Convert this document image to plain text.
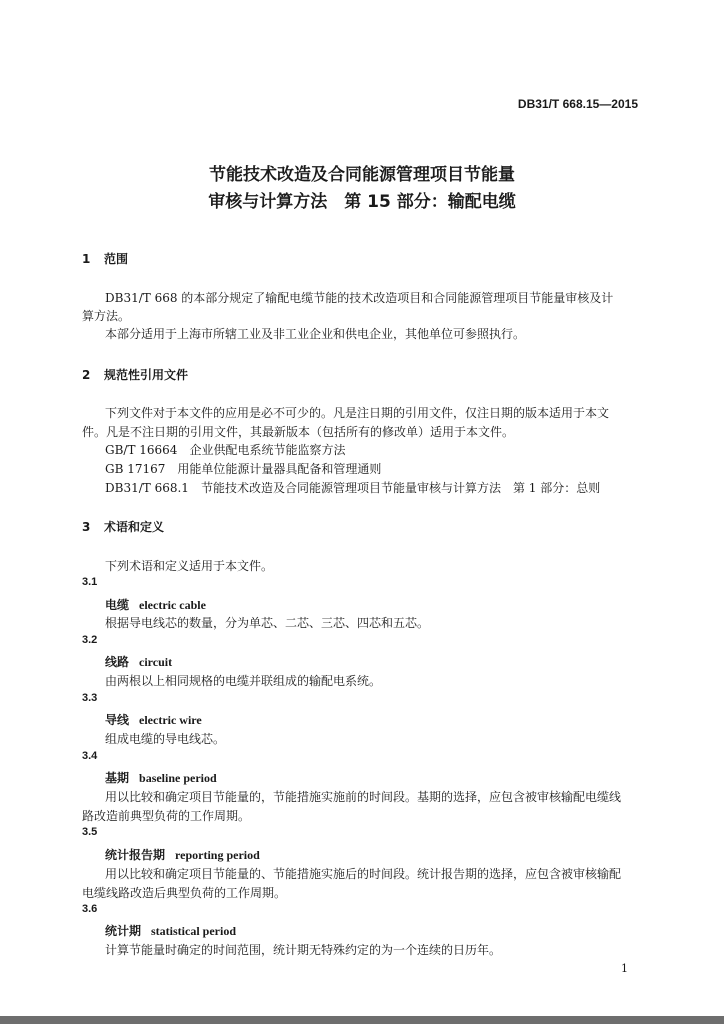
DB31/T 668.15—2015
节能技术改造及合同能源管理项目节能量
审核与计算方法　第 15 部分：输配电缆
1 范围
DB31/T 668 的本部分规定了输配电缆节能的技术改造项目和合同能源管理项目节能量审核及计
算方法。
本部分适用于上海市所辖工业及非工业企业和供电企业，其他单位可参照执行。
2 规范性引用文件
下列文件对于本文件的应用是必不可少的。凡是注日期的引用文件，仅注日期的版本适用于本文
件。凡是不注日期的引用文件，其最新版本（包括所有的修改单）适用于本文件。
GB/T 16664　 企业供配电系统节能监察方法
GB 17167　 用能单位能源计量器具配备和管理通则
DB31/T 668.1　 节能技术改造及合同能源管理项目节能量审核与计算方法　第 1 部分：总则
3 术语和定义
下列术语和定义适用于本文件。
3.1
电缆 electric cable
根据导电线芯的数量，分为单芯、二芯、三芯、四芯和五芯。
3.2
线路 circuit
由两根以上相同规格的电缆并联组成的输配电系统。
3.3
导线 electric wire
组成电缆的导电线芯。
3.4
基期 baseline period
用以比较和确定项目节能量的，节能措施实施前的时间段。基期的选择，应包含被审核输配电缆线
路改造前典型负荷的工作周期。
3.5
统计报告期 reporting period
用以比较和确定项目节能量的、节能措施实施后的时间段。统计报告期的选择，应包含被审核输配
电缆线路改造后典型负荷的工作周期。
3.6
统计期 statistical period
计算节能量时确定的时间范围，统计期无特殊约定的为一个连续的日历年。
1
